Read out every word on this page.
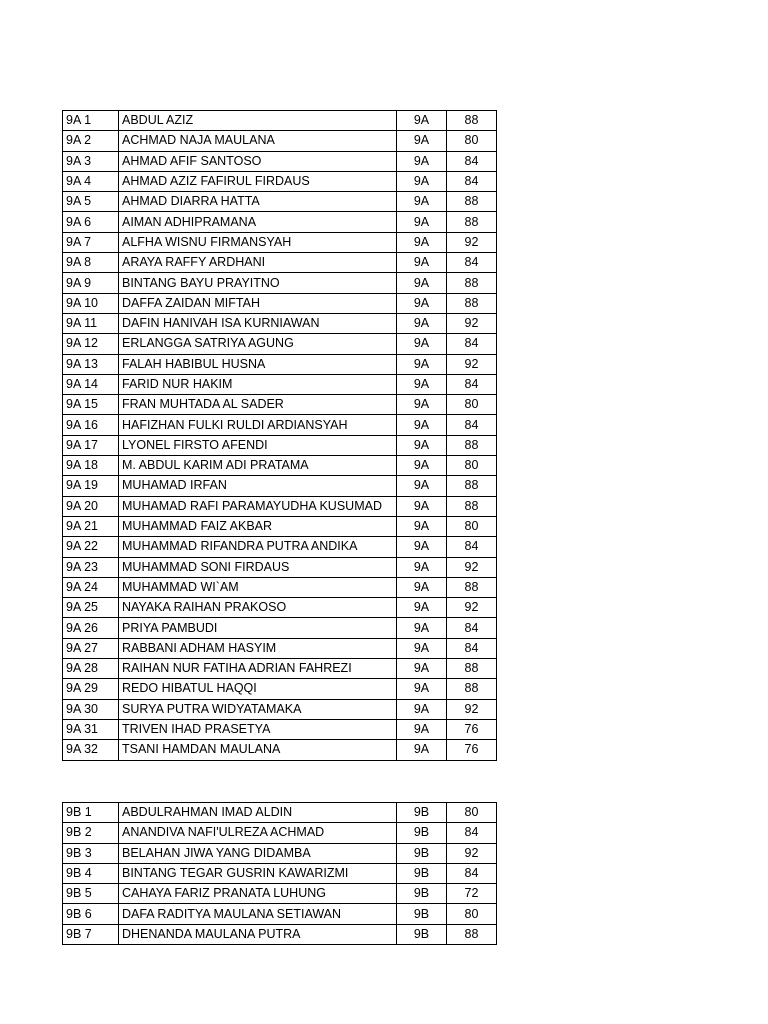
9A 1	ABDUL AZIZ	9A	88
9A 2	ACHMAD NAJA MAULANA	9A	80
9A 3	AHMAD AFIF SANTOSO	9A	84
9A 4	AHMAD AZIZ FAFIRUL FIRDAUS	9A	84
9A 5	AHMAD DIARRA HATTA	9A	88
9A 6	AIMAN ADHIPRAMANA	9A	88
9A 7	ALFHA WISNU FIRMANSYAH	9A	92
9A 8	ARAYA RAFFY ARDHANI	9A	84
9A 9	BINTANG BAYU PRAYITNO	9A	88
9A 10	DAFFA ZAIDAN MIFTAH	9A	88
9A 11	DAFIN HANIVAH ISA KURNIAWAN	9A	92
9A 12	ERLANGGA SATRIYA AGUNG	9A	84
9A 13	FALAH HABIBUL HUSNA	9A	92
9A 14	FARID NUR HAKIM	9A	84
9A 15	FRAN MUHTADA AL SADER	9A	80
9A 16	HAFIZHAN FULKI RULDI ARDIANSYAH	9A	84
9A 17	LYONEL FIRSTO AFENDI	9A	88
9A 18	M. ABDUL KARIM ADI PRATAMA	9A	80
9A 19	MUHAMAD IRFAN	9A	88
9A 20	MUHAMAD RAFI PARAMAYUDHA KUSUMAD	9A	88
9A 21	MUHAMMAD FAIZ AKBAR	9A	80
9A 22	MUHAMMAD RIFANDRA PUTRA ANDIKA	9A	84
9A 23	MUHAMMAD SONI FIRDAUS	9A	92
9A 24	MUHAMMAD WI`AM	9A	88
9A 25	NAYAKA RAIHAN PRAKOSO	9A	92
9A 26	PRIYA PAMBUDI	9A	84
9A 27	RABBANI ADHAM HASYIM	9A	84
9A 28	RAIHAN NUR FATIHA ADRIAN FAHREZI	9A	88
9A 29	REDO HIBATUL HAQQI	9A	88
9A 30	SURYA PUTRA WIDYATAMAKA	9A	92
9A 31	TRIVEN IHAD PRASETYA	9A	76
9A 32	TSANI HAMDAN MAULANA	9A	76
9B 1	ABDULRAHMAN IMAD ALDIN	9B	80
9B 2	ANANDIVA NAFI'ULREZA ACHMAD	9B	84
9B 3	BELAHAN JIWA YANG DIDAMBA	9B	92
9B 4	BINTANG TEGAR GUSRIN KAWARIZMI	9B	84
9B 5	CAHAYA FARIZ PRANATA LUHUNG	9B	72
9B 6	DAFA RADITYA MAULANA SETIAWAN	9B	80
9B 7	DHENANDA MAULANA PUTRA	9B	88
